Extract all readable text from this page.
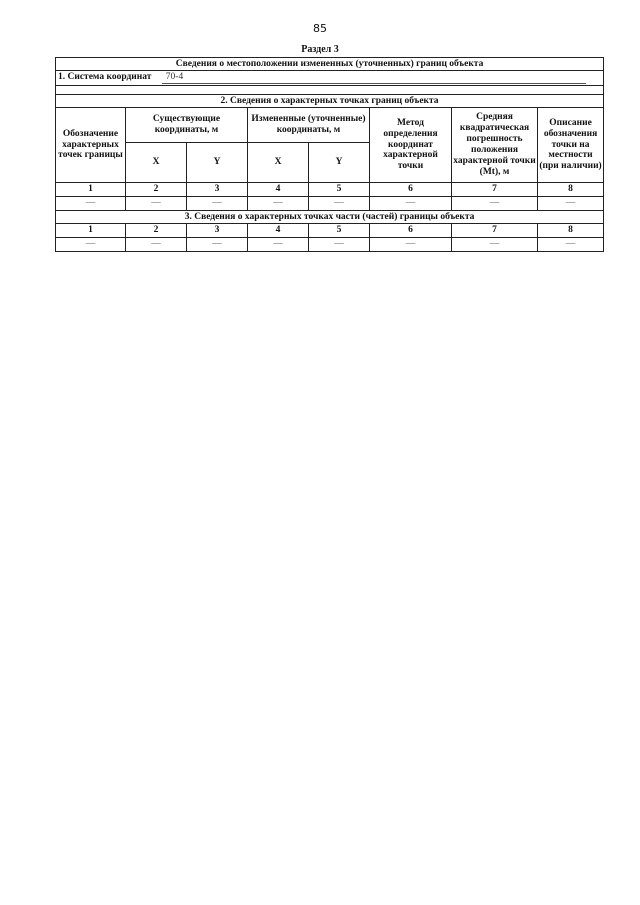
85
Раздел 3
Сведения о местоположении измененных (уточненных) границ объекта							
1. Система координат 70-4							

2. Сведения о характерных точках границ объекта							
Обозначение характерных точек границы	Существующие координаты, м		Измененные (уточненные) координаты, м		Метод определения координат характерной точки	Средняя квадратическая погрешность положения характерной точки (Mt), м	Описание обозначения точки на местности (при наличии)
	X	Y	X	Y			
1	2	3	4	5	6	7	8
—	—	—	—	—	—	—	—
3. Сведения о характерных точках части (частей) границы объекта							
1	2	3	4	5	6	7	8
—	—	—	—	—	—	—	—
